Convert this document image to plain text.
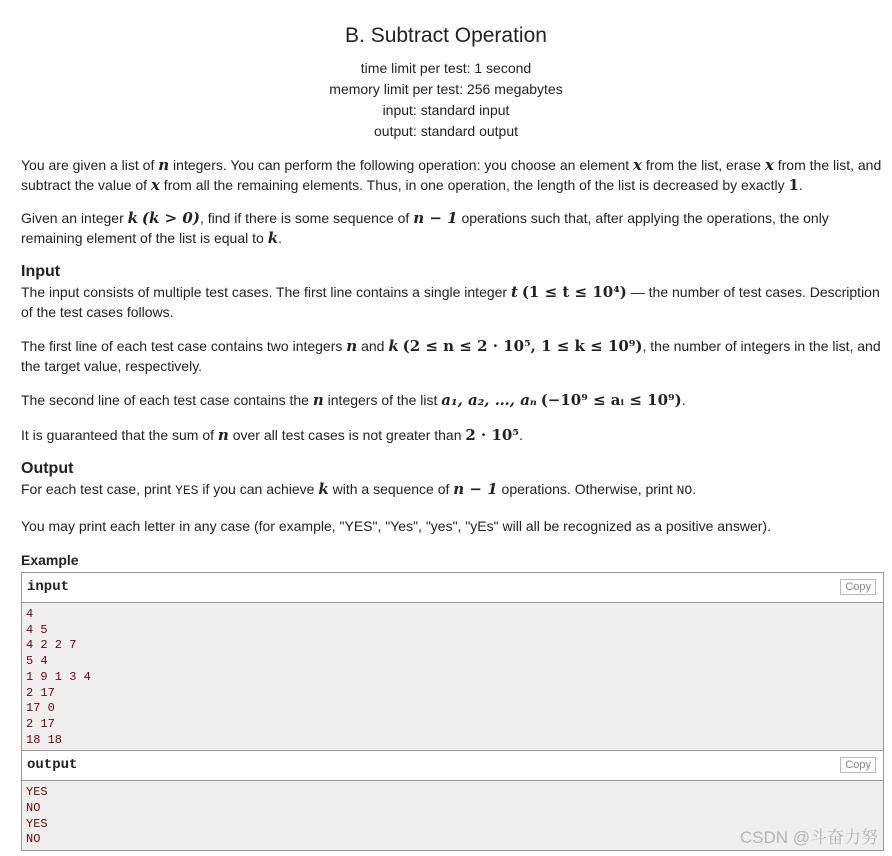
B. Subtract Operation
time limit per test: 1 second
memory limit per test: 256 megabytes
input: standard input
output: standard output

You are given a list of n integers. You can perform the following operation: you choose an element x from the list, erase x from the list, and subtract the value of x from all the remaining elements. Thus, in one operation, the length of the list is decreased by exactly 1.

Given an integer k (k > 0), find if there is some sequence of n − 1 operations such that, after applying the operations, the only remaining element of the list is equal to k.

Input

The input consists of multiple test cases. The first line contains a single integer t (1 ≤ t ≤ 10⁴) — the number of test cases. Description of the test cases follows.

The first line of each test case contains two integers n and k (2 ≤ n ≤ 2 · 10⁵, 1 ≤ k ≤ 10⁹), the number of integers in the list, and the target value, respectively.

The second line of each test case contains the n integers of the list a₁, a₂, …, aₙ (−10⁹ ≤ aᵢ ≤ 10⁹).

It is guaranteed that the sum of n over all test cases is not greater than 2 · 10⁵.

Output

For each test case, print YES if you can achieve k with a sequence of n − 1 operations. Otherwise, print NO.

You may print each letter in any case (for example, "YES", "Yes", "yes", "yEs" will all be recognized as a positive answer).

Example
input	Copy
4
4 5
4 2 2 7
5 4
1 9 1 3 4
2 17
17 0
2 17
18 18
output	Copy
YES
NO
YES
NO	CSDN @斗奋力努
